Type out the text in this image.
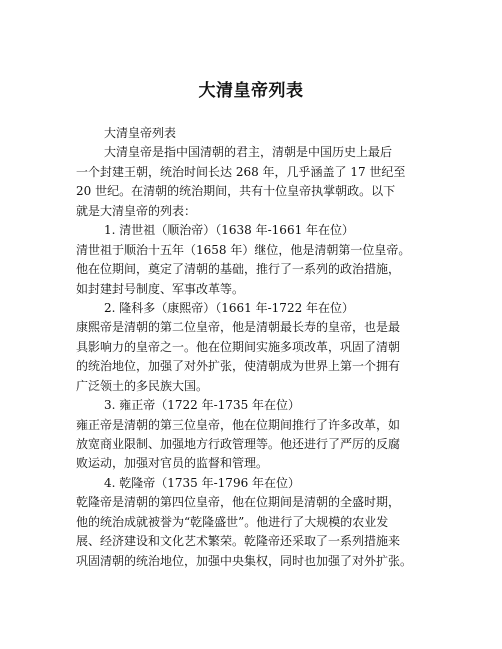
大清皇帝列表
大清皇帝列表
大清皇帝是指中国清朝的君主，清朝是中国历史上最后
一个封建王朝，统治时间长达 268 年，几乎涵盖了 17 世纪至
20 世纪。在清朝的统治期间，共有十位皇帝执掌朝政。以下
就是大清皇帝的列表：
1. 清世祖（顺治帝）（1638 年-1661 年在位）
清世祖于顺治十五年（1658 年）继位，他是清朝第一位皇帝。
他在位期间，奠定了清朝的基础，推行了一系列的政治措施，
如封建封号制度、军事改革等。
2. 隆科多（康熙帝）（1661 年-1722 年在位）
康熙帝是清朝的第二位皇帝，他是清朝最长寿的皇帝，也是最
具影响力的皇帝之一。他在位期间实施多项改革，巩固了清朝
的统治地位，加强了对外扩张，使清朝成为世界上第一个拥有
广泛领土的多民族大国。
3. 雍正帝（1722 年-1735 年在位）
雍正帝是清朝的第三位皇帝，他在位期间推行了许多改革，如
放宽商业限制、加强地方行政管理等。他还进行了严厉的反腐
败运动，加强对官员的监督和管理。
4. 乾隆帝（1735 年-1796 年在位）
乾隆帝是清朝的第四位皇帝，他在位期间是清朝的全盛时期，
他的统治成就被誉为“乾隆盛世”。他进行了大规模的农业发
展、经济建设和文化艺术繁荣。乾隆帝还采取了一系列措施来
巩固清朝的统治地位，加强中央集权，同时也加强了对外扩张。
